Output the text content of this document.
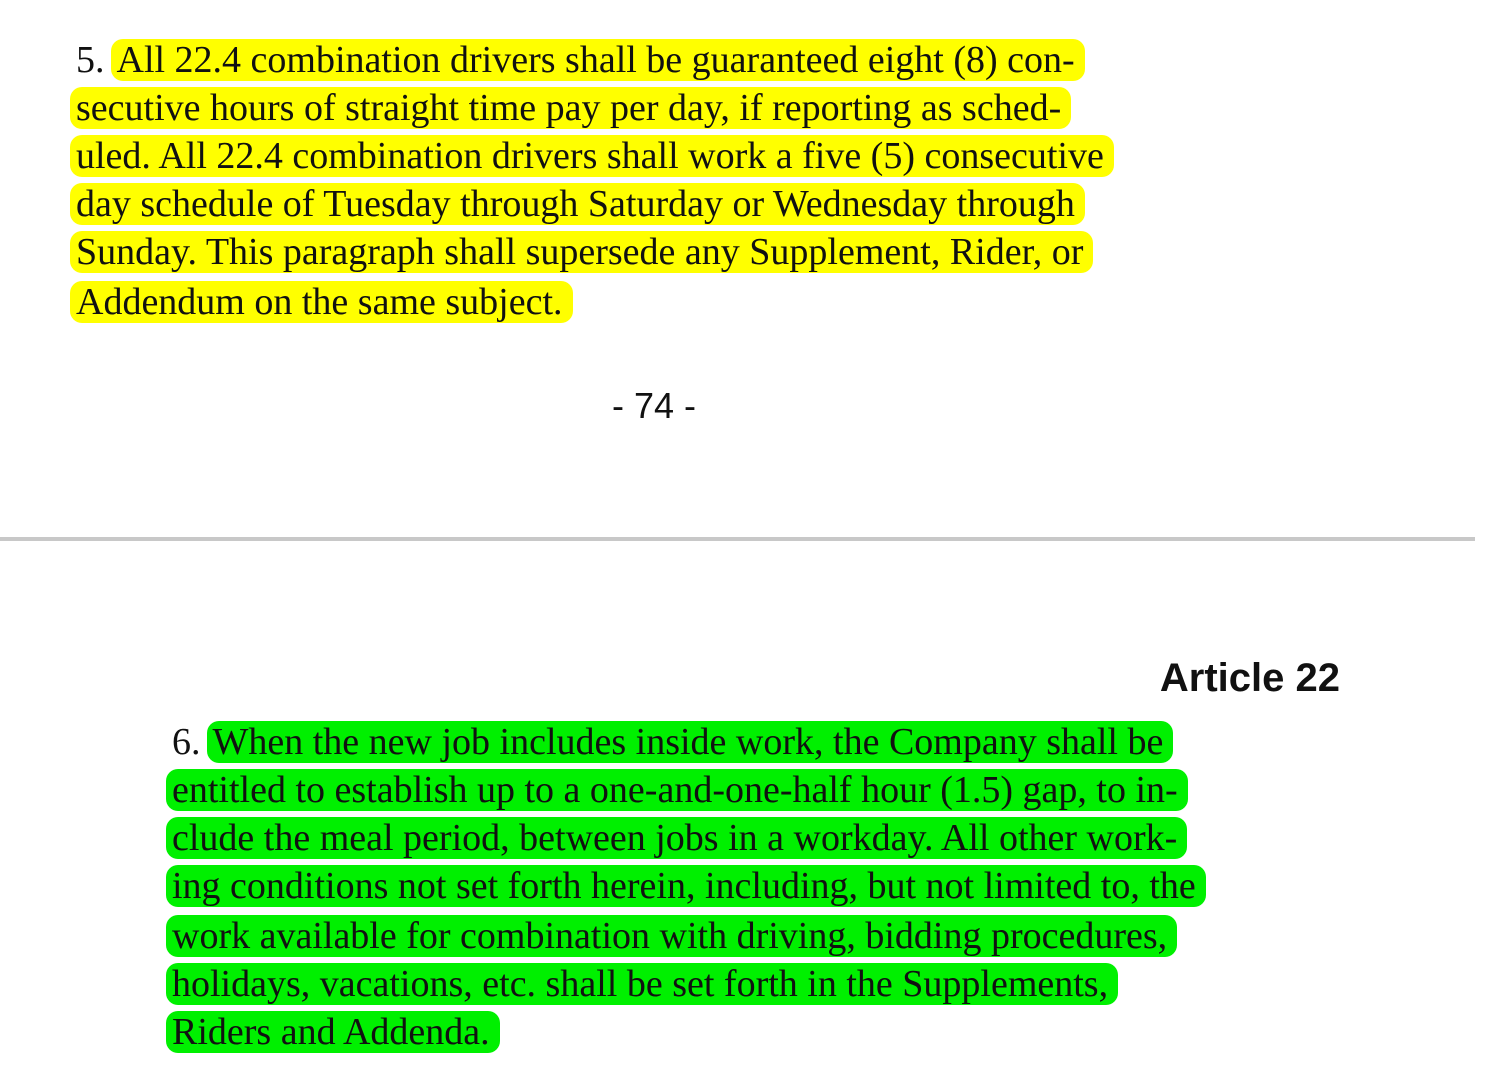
5. All 22.4 combination drivers shall be guaranteed eight (8) con-
secutive hours of straight time pay per day, if reporting as sched-
uled. All 22.4 combination drivers shall work a five (5) consecutive
day schedule of Tuesday through Saturday or Wednesday through
Sunday. This paragraph shall supersede any Supplement, Rider, or
Addendum on the same subject.
- 74 -
Article 22
6. When the new job includes inside work, the Company shall be
entitled to establish up to a one-and-one-half hour (1.5) gap, to in-
clude the meal period, between jobs in a workday. All other work-
ing conditions not set forth herein, including, but not limited to, the
work available for combination with driving, bidding procedures,
holidays, vacations, etc. shall be set forth in the Supplements,
Riders and Addenda.
